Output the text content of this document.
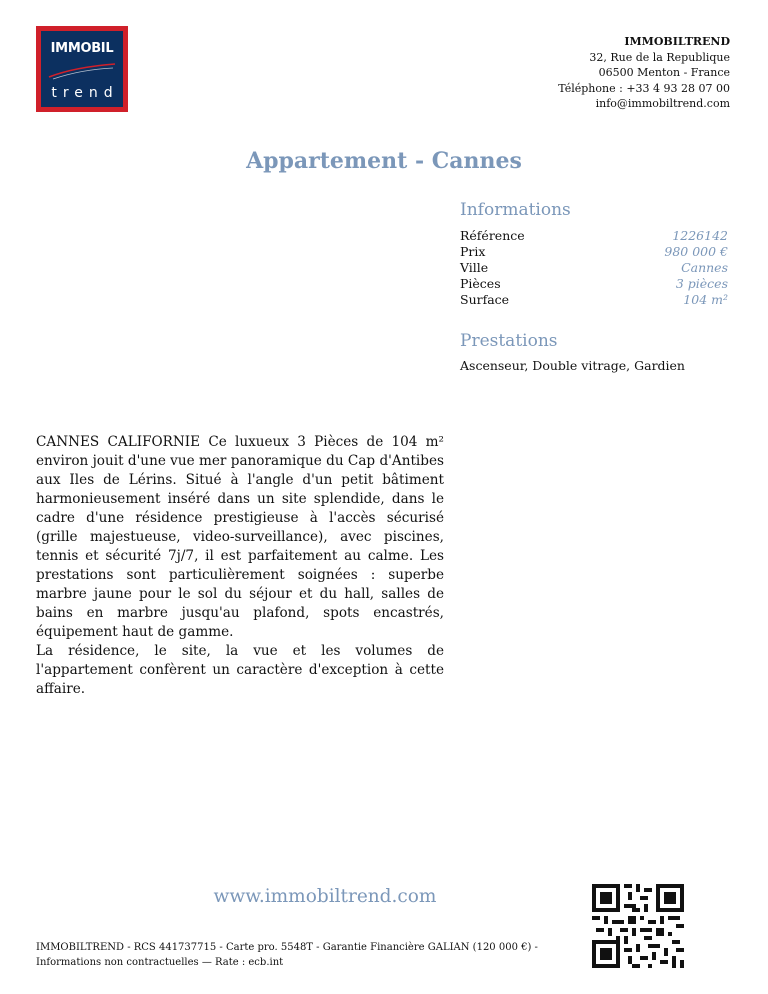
IMMOBIL
trend
IMMOBILTREND
32, Rue de la Republique
06500 Menton - France
Téléphone : +33 4 93 28 07 00
info@immobiltrend.com
Appartement - Cannes
Informations
Référence	1226142
Prix	980 000 €
Ville	Cannes
Pièces	3 pièces
Surface	104 m²
Prestations
Ascenseur, Double vitrage, Gardien

CANNES CALIFORNIE Ce luxueux 3 Pièces de 104 m² environ jouit d'une vue mer panoramique du Cap d'Antibes aux Iles de Lérins. Situé à l'angle d'un petit bâtiment harmonieusement inséré dans un site splendide, dans le cadre d'une résidence prestigieuse à l'accès sécurisé (grille majestueuse, video-surveillance), avec piscines, tennis et sécurité 7j/7, il est parfaitement au calme. Les prestations sont particulièrement soignées : superbe marbre jaune pour le sol du séjour et du hall, salles de bains en marbre jusqu'au plafond, spots encastrés, équipement haut de gamme.

La résidence, le site, la vue et les volumes de l'appartement confèrent un caractère d'exception à cette affaire.

www.immobiltrend.com
IMMOBILTREND - RCS 441737715 - Carte pro. 5548T - Garantie Financière GALIAN (120 000 €) -
Informations non contractuelles — Rate : ecb.int
